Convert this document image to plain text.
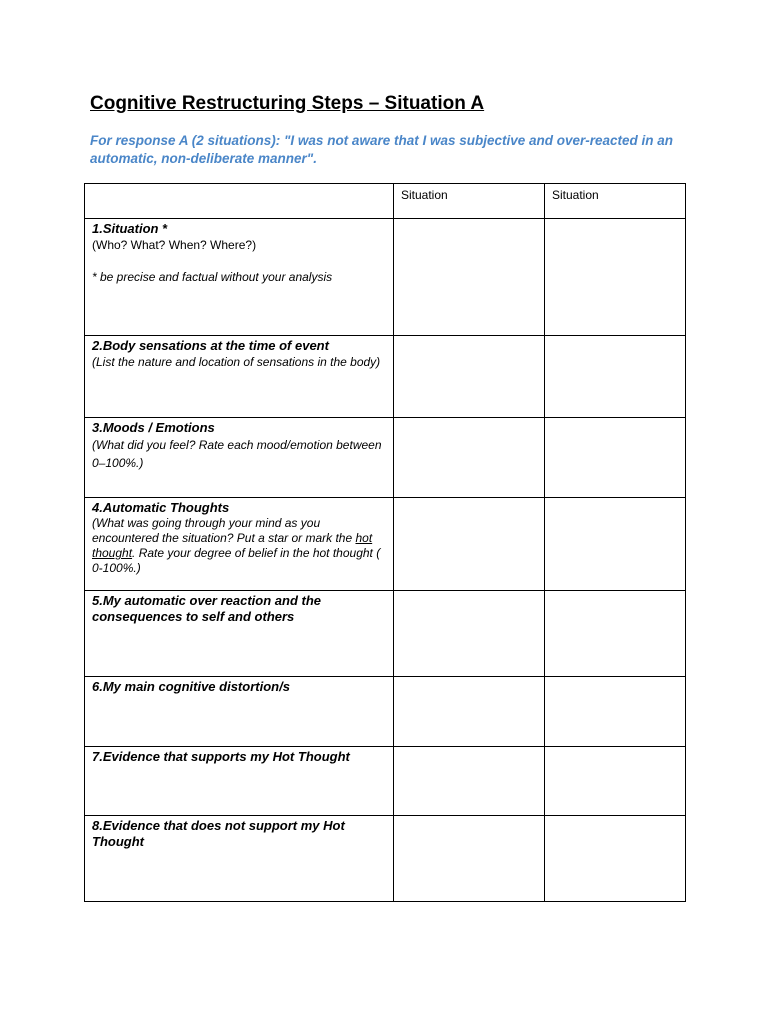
Cognitive Restructuring Steps – Situation A
For response A (2 situations): "I was not aware that I was subjective and over-reacted in an automatic, non-deliberate manner".
	Situation	Situation

1.Situation *
(Who? What? When? Where?)
* be precise and factual without your analysis		

2.Body sensations at the time of event
(List the nature and location of sensations in the body)		

3.Moods / Emotions
(What did you feel? Rate each mood/emotion between 0–100%.)		

4.Automatic Thoughts
(What was going through your mind as you encountered the situation? Put a star or mark the hot thought. Rate your degree of belief in the hot thought ( 0-100%.)		

5.My automatic over reaction and the consequences to self and others		

6.My main cognitive distortion/s		

7.Evidence that supports my Hot Thought		

8.Evidence that does not support my Hot Thought		
